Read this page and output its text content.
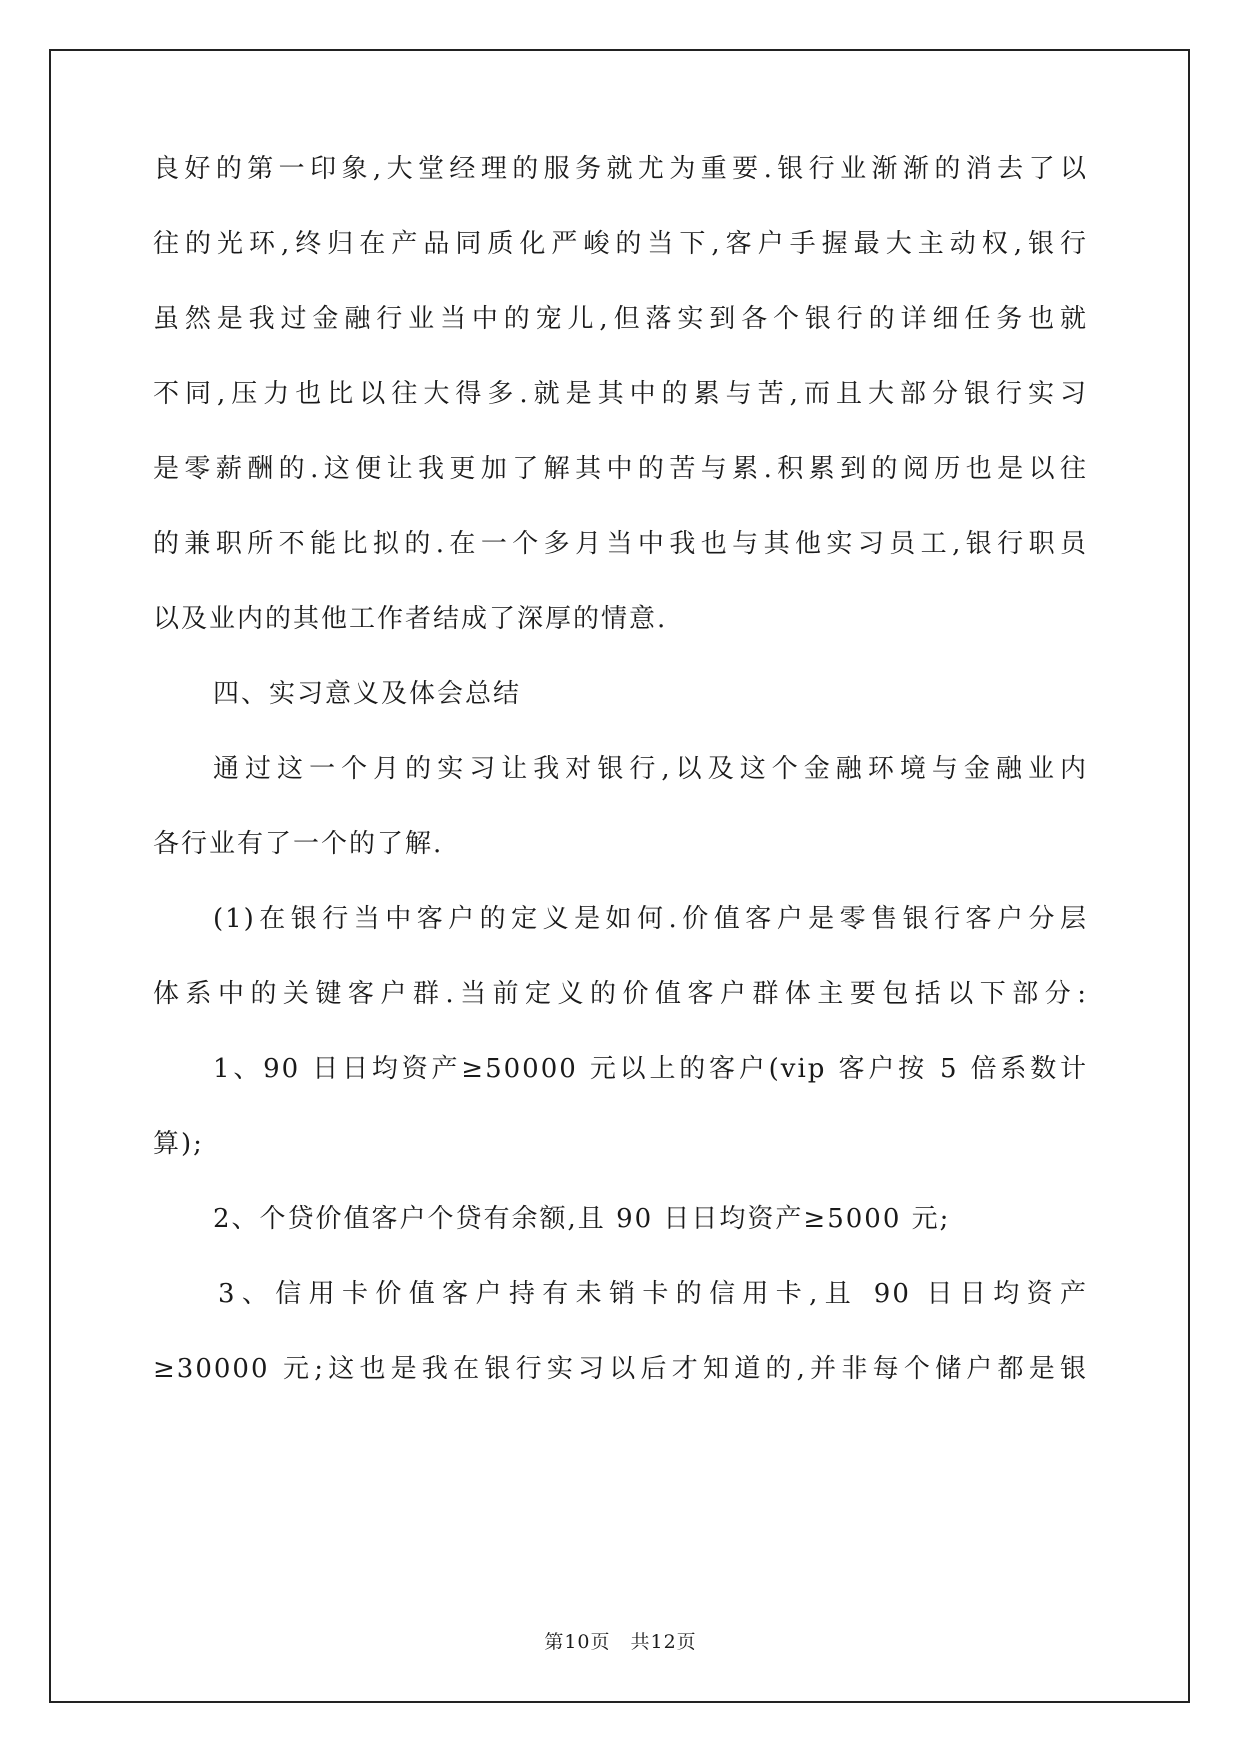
良好的第一印象,大堂经理的服务就尤为重要.银行业渐渐的消去了以
往的光环,终归在产品同质化严峻的当下,客户手握最大主动权,银行
虽然是我过金融行业当中的宠儿,但落实到各个银行的详细任务也就
不同,压力也比以往大得多.就是其中的累与苦,而且大部分银行实习
是零薪酬的.这便让我更加了解其中的苦与累.积累到的阅历也是以往
的兼职所不能比拟的.在一个多月当中我也与其他实习员工,银行职员
以及业内的其他工作者结成了深厚的情意.
四、实习意义及体会总结
通过这一个月的实习让我对银行,以及这个金融环境与金融业内
各行业有了一个的了解.
(1)在银行当中客户的定义是如何.价值客户是零售银行客户分层
体系中的关键客户群.当前定义的价值客户群体主要包括以下部分:
1、90 日日均资产≥50000 元以上的客户(vip 客户按 5 倍系数计
算);
2、个贷价值客户个贷有余额,且 90 日日均资产≥5000 元;
3、信用卡价值客户持有未销卡的信用卡,且 90 日日均资产
≥30000 元;这也是我在银行实习以后才知道的,并非每个储户都是银
第10页　共12页
